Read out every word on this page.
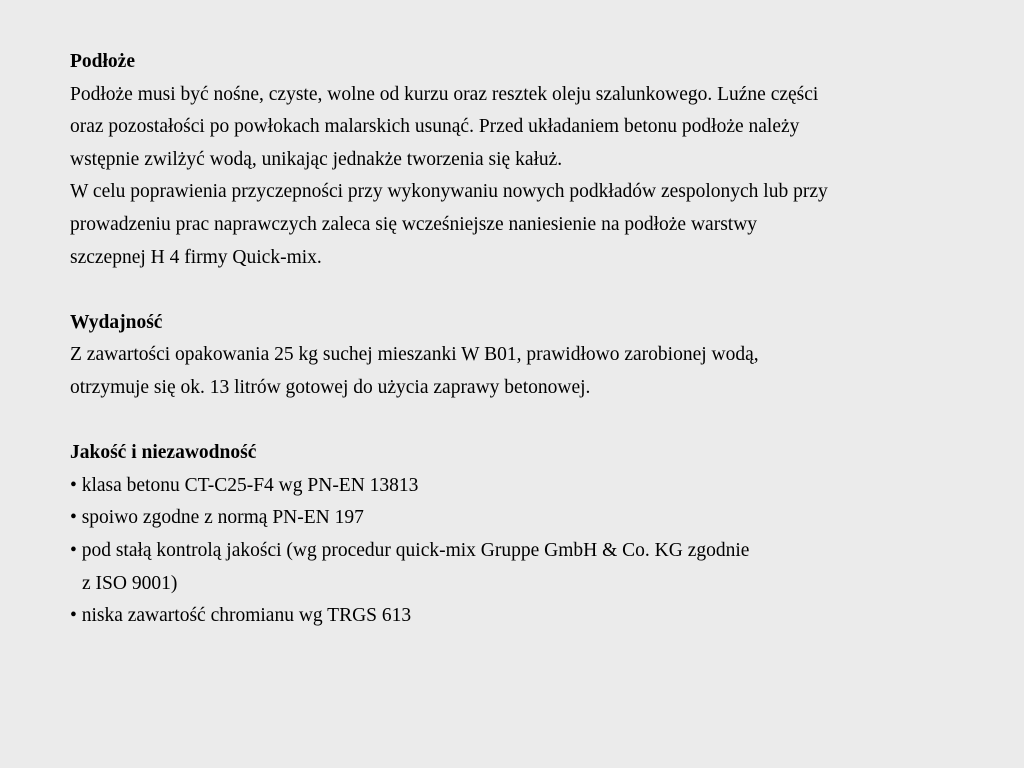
Podłoże

Podłoże musi być nośne, czyste, wolne od kurzu oraz resztek oleju szalunkowego. Luźne części

oraz pozostałości po powłokach malarskich usunąć. Przed układaniem betonu podłoże należy

wstępnie zwilżyć wodą, unikając jednakże tworzenia się kałuż.

W celu poprawienia przyczepności przy wykonywaniu nowych podkładów zespolonych lub przy

prowadzeniu prac naprawczych zaleca się wcześniejsze naniesienie na podłoże warstwy

szczepnej H 4 firmy Quick-mix.

Wydajność

Z zawartości opakowania 25 kg suchej mieszanki W B01, prawidłowo zarobionej wodą,

otrzymuje się ok. 13 litrów gotowej do użycia zaprawy betonowej.

Jakość i niezawodność

• klasa betonu CT-C25-F4 wg PN-EN 13813

• spoiwo zgodne z normą PN-EN 197

• pod stałą kontrolą jakości (wg procedur quick-mix Gruppe GmbH & Co. KG zgodnie

z ISO 9001)

• niska zawartość chromianu wg TRGS 613
